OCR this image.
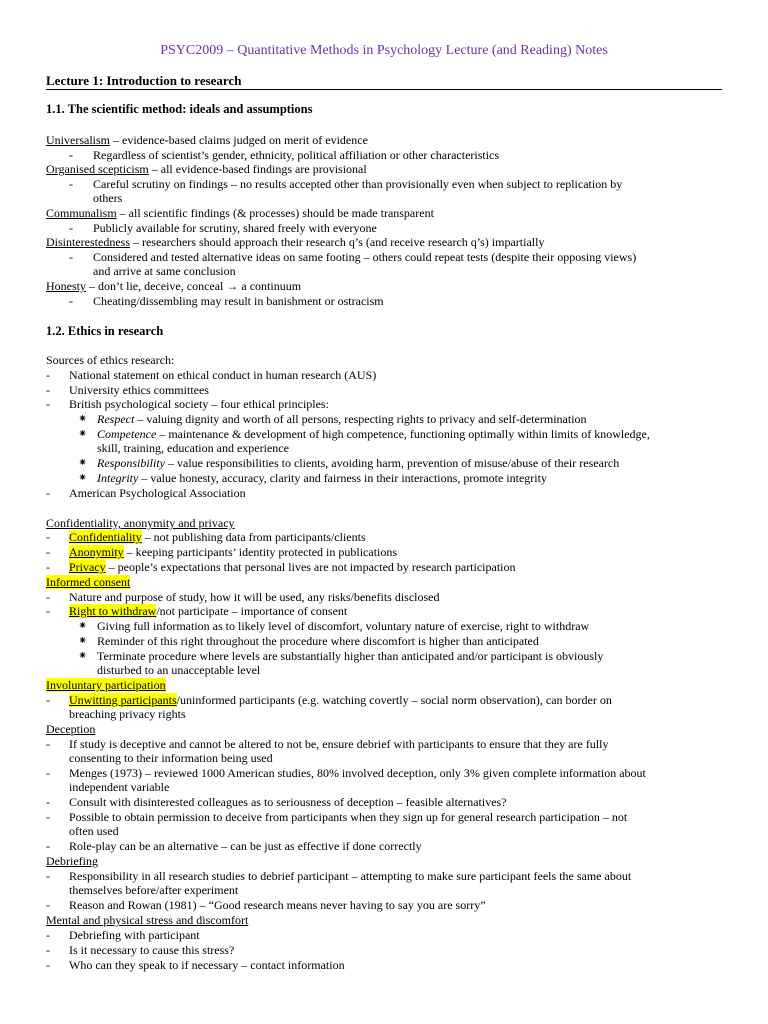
PSYC2009 – Quantitative Methods in Psychology Lecture (and Reading) Notes
Lecture 1: Introduction to research
1.1. The scientific method: ideals and assumptions
Universalism – evidence-based claims judged on merit of evidence
- Regardless of scientist’s gender, ethnicity, political affiliation or other characteristics
Organised scepticism – all evidence-based findings are provisional
- Careful scrutiny on findings – no results accepted other than provisionally even when subject to replication by
others
Communalism – all scientific findings (& processes) should be made transparent
- Publicly available for scrutiny, shared freely with everyone
Disinterestedness – researchers should approach their research q’s (and receive research q’s) impartially
- Considered and tested alternative ideas on same footing – others could repeat tests (despite their opposing views)
and arrive at same conclusion
Honesty – don’t lie, deceive, conceal → a continuum
- Cheating/dissembling may result in banishment or ostracism
1.2. Ethics in research
Sources of ethics research:
- National statement on ethical conduct in human research (AUS)
- University ethics committees
- British psychological society – four ethical principles:
⁕ Respect – valuing dignity and worth of all persons, respecting rights to privacy and self-determination
⁕ Competence – maintenance & development of high competence, functioning optimally within limits of knowledge,
skill, training, education and experience
⁕ Responsibility – value responsibilities to clients, avoiding harm, prevention of misuse/abuse of their research
⁕ Integrity – value honesty, accuracy, clarity and fairness in their interactions, promote integrity
- American Psychological Association
Confidentiality, anonymity and privacy
- Confidentiality – not publishing data from participants/clients
- Anonymity – keeping participants’ identity protected in publications
- Privacy – people’s expectations that personal lives are not impacted by research participation
Informed consent
- Nature and purpose of study, how it will be used, any risks/benefits disclosed
- Right to withdraw/not participate – importance of consent
⁕ Giving full information as to likely level of discomfort, voluntary nature of exercise, right to withdraw
⁕ Reminder of this right throughout the procedure where discomfort is higher than anticipated
⁕ Terminate procedure where levels are substantially higher than anticipated and/or participant is obviously
disturbed to an unacceptable level
Involuntary participation
- Unwitting participants/uninformed participants (e.g. watching covertly – social norm observation), can border on
breaching privacy rights
Deception
- If study is deceptive and cannot be altered to not be, ensure debrief with participants to ensure that they are fully
consenting to their information being used
- Menges (1973) – reviewed 1000 American studies, 80% involved deception, only 3% given complete information about
independent variable
- Consult with disinterested colleagues as to seriousness of deception – feasible alternatives?
- Possible to obtain permission to deceive from participants when they sign up for general research participation – not
often used
- Role-play can be an alternative – can be just as effective if done correctly
Debriefing
- Responsibility in all research studies to debrief participant – attempting to make sure participant feels the same about
themselves before/after experiment
- Reason and Rowan (1981) – “Good research means never having to say you are sorry”
Mental and physical stress and discomfort
- Debriefing with participant
- Is it necessary to cause this stress?
- Who can they speak to if necessary – contact information
